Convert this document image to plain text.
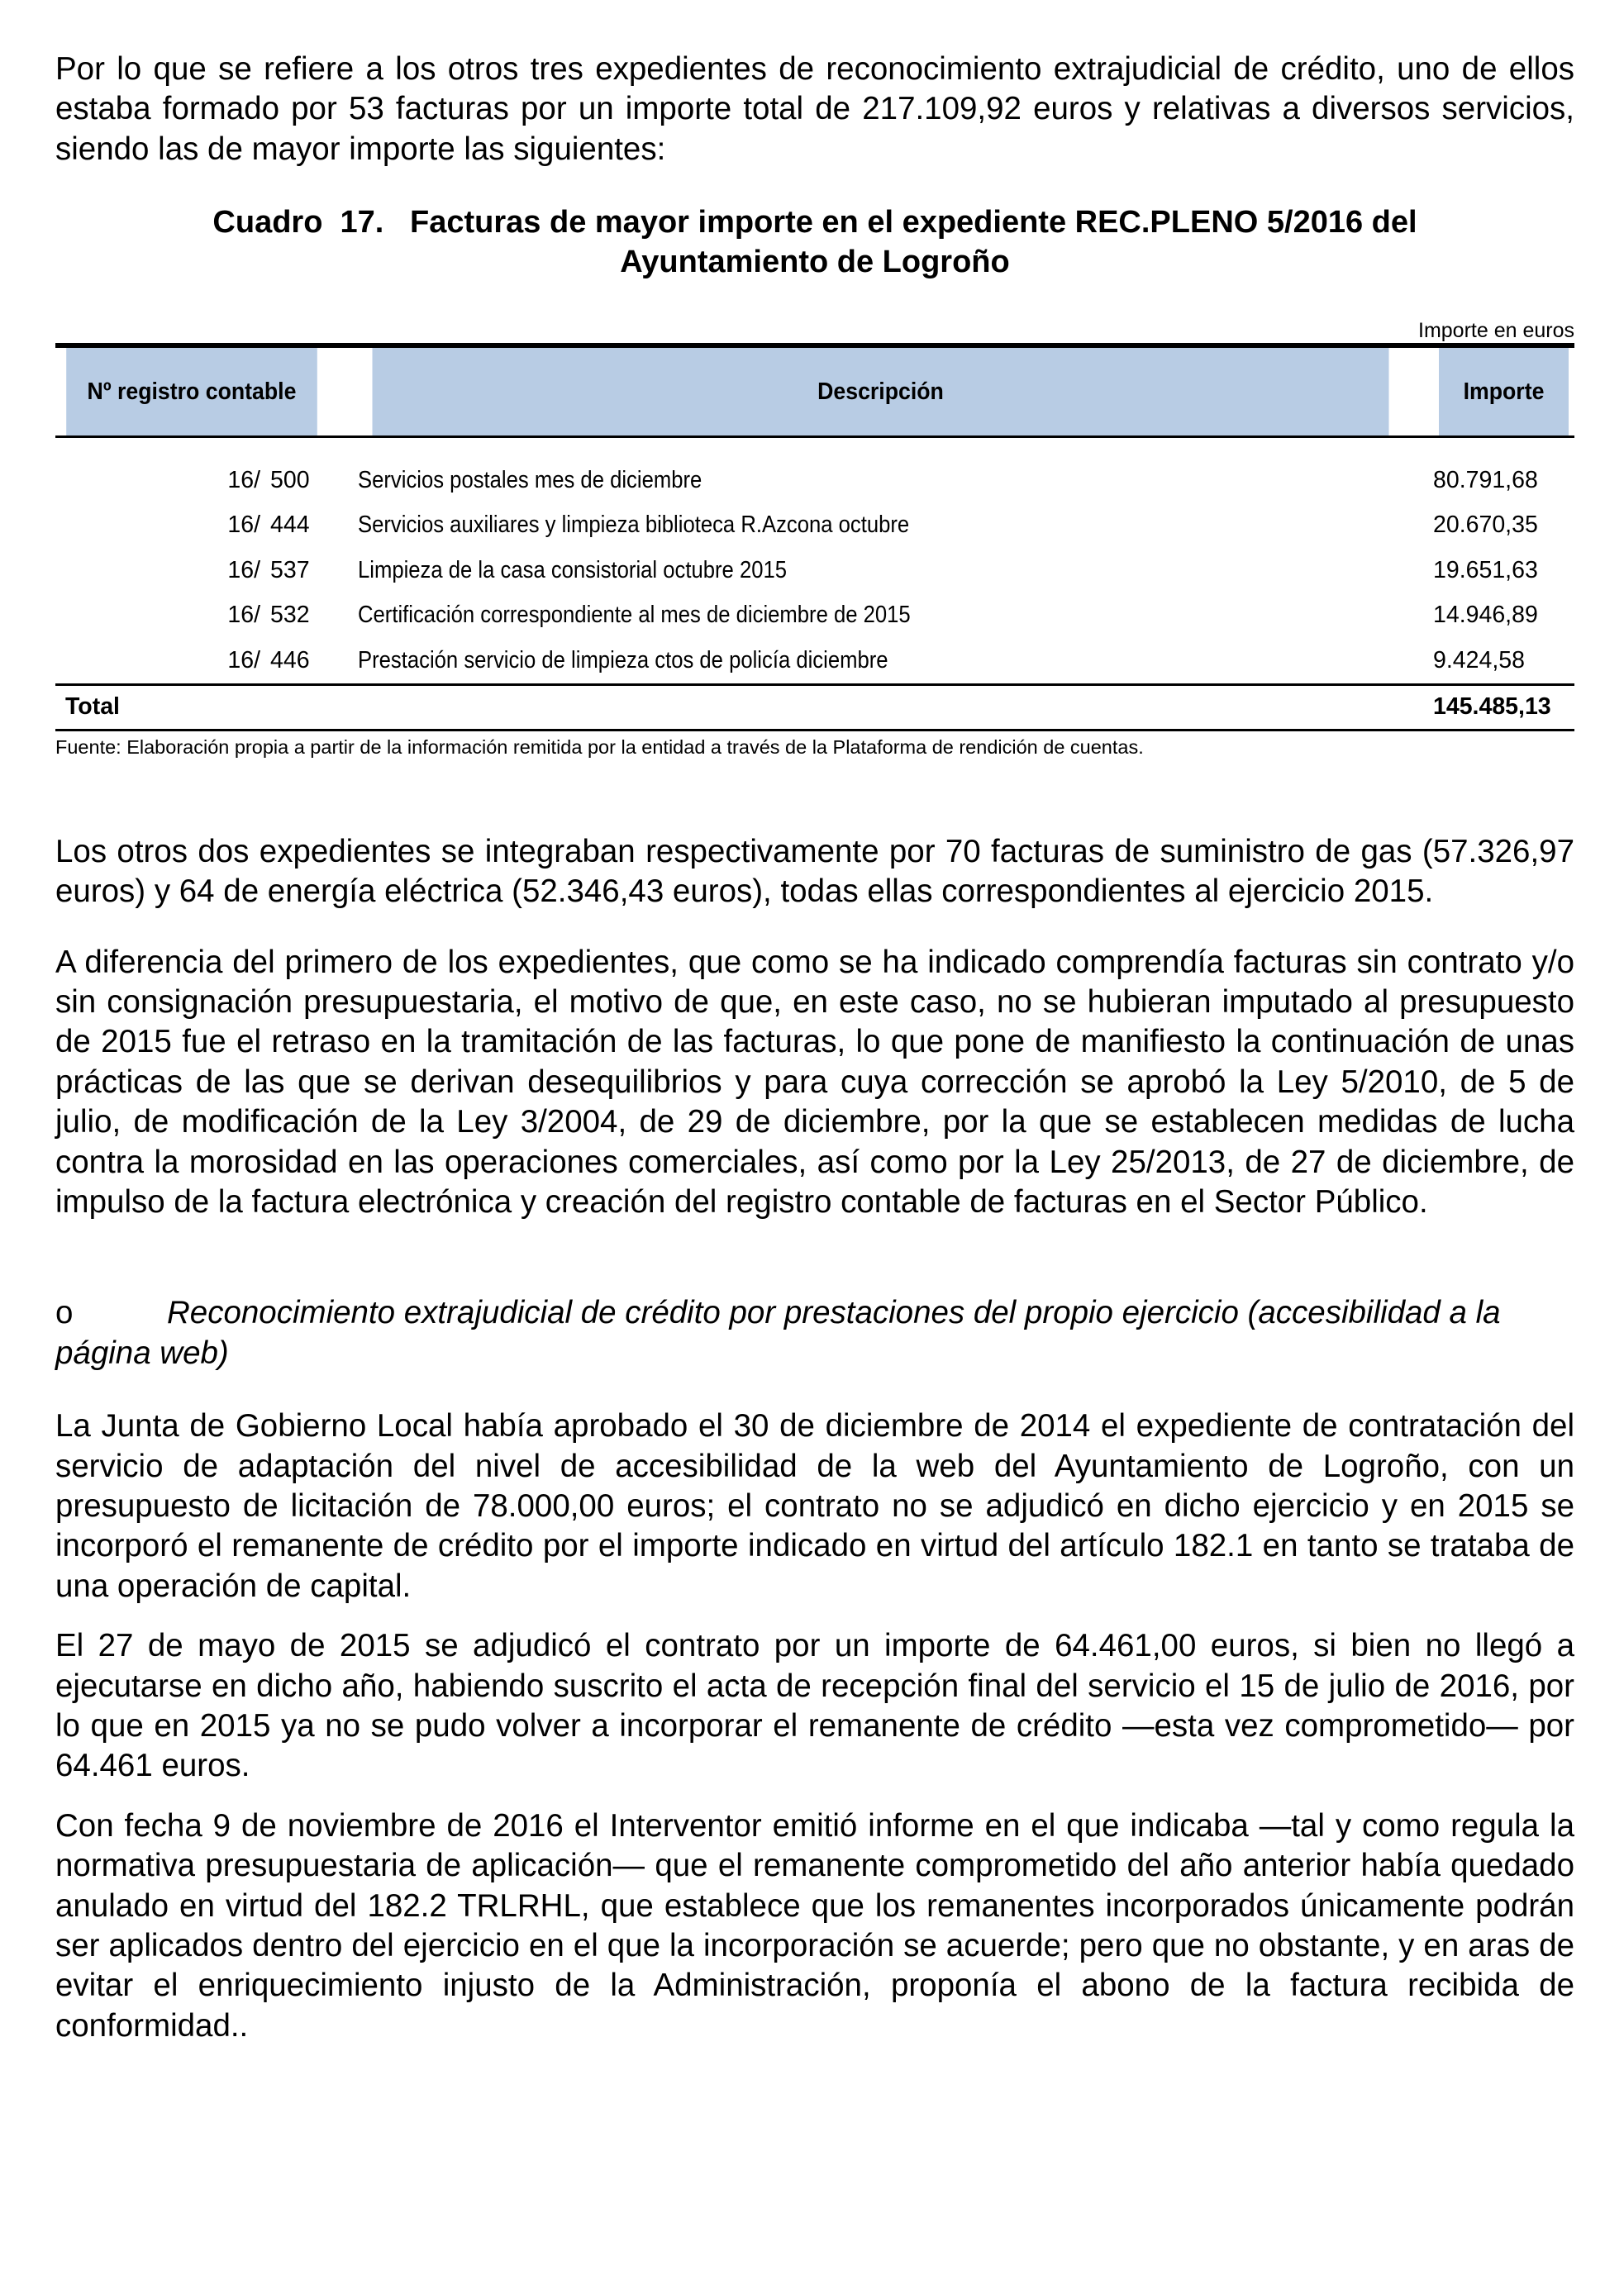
Por lo que se refiere a los otros tres expedientes de reconocimiento extrajudicial de crédito, uno de ellos estaba formado por 53 facturas por un importe total de 217.109,92 euros y relativas a diversos servicios, siendo las de mayor importe las siguientes:

Cuadro  17.   Facturas de mayor importe en el expediente REC.PLENO 5/2016 del
Ayuntamiento de Logroño

Importe en euros

Nº registro contable	Descripción	Importe
16/ 500	Servicios postales mes de diciembre	80.791,68
16/ 444	Servicios auxiliares y limpieza biblioteca R.Azcona octubre	20.670,35
16/ 537	Limpieza de la casa consistorial octubre 2015	19.651,63
16/ 532	Certificación correspondiente al mes de diciembre de 2015	14.946,89
16/ 446	Prestación servicio de limpieza ctos de policía diciembre	9.424,58
Total		145.485,13

Fuente: Elaboración propia a partir de la información remitida por la entidad a través de la Plataforma de rendición de cuentas.

Los otros dos expedientes se integraban respectivamente por 70 facturas de suministro de gas (57.326,97 euros) y 64 de energía eléctrica (52.346,43 euros), todas ellas correspondientes al ejercicio 2015.

A diferencia del primero de los expedientes, que como se ha indicado comprendía facturas sin contrato y/o sin consignación presupuestaria, el motivo de que, en este caso, no se hubieran imputado al presupuesto de 2015 fue el retraso en la tramitación de las facturas, lo que pone de manifiesto la continuación de unas prácticas de las que se derivan desequilibrios y para cuya corrección se aprobó la Ley 5/2010, de 5 de julio, de modificación de la Ley 3/2004, de 29 de diciembre, por la que se establecen medidas de lucha contra la morosidad en las operaciones comerciales, así como por la Ley 25/2013, de 27 de diciembre, de impulso de la factura electrónica y creación del registro contable de facturas en el Sector Público.

o	Reconocimiento extrajudicial de crédito por prestaciones del propio ejercicio (accesibilidad a la página web)

La Junta de Gobierno Local había aprobado el 30 de diciembre de 2014 el expediente de contratación del servicio de adaptación del nivel de accesibilidad de la web del Ayuntamiento de Logroño, con un presupuesto de licitación de 78.000,00 euros; el contrato no se adjudicó en dicho ejercicio y en 2015 se incorporó el remanente de crédito por el importe indicado en virtud del artículo 182.1 en tanto se trataba de una operación de capital.

El 27 de mayo de 2015 se adjudicó el contrato por un importe de 64.461,00 euros, si bien no llegó a ejecutarse en dicho año, habiendo suscrito el acta de recepción final del servicio el 15 de julio de 2016, por lo que en 2015 ya no se pudo volver a incorporar el remanente de crédito —esta vez comprometido— por 64.461 euros.

Con fecha 9 de noviembre de 2016 el Interventor emitió informe en el que indicaba —tal y como regula la normativa presupuestaria de aplicación— que el remanente comprometido del año anterior había quedado anulado en virtud del 182.2 TRLRHL, que establece que los remanentes incorporados únicamente podrán ser aplicados dentro del ejercicio en el que la incorporación se acuerde; pero que no obstante, y en aras de evitar el enriquecimiento injusto de la Administración, proponía el abono de la factura recibida de conformidad..
